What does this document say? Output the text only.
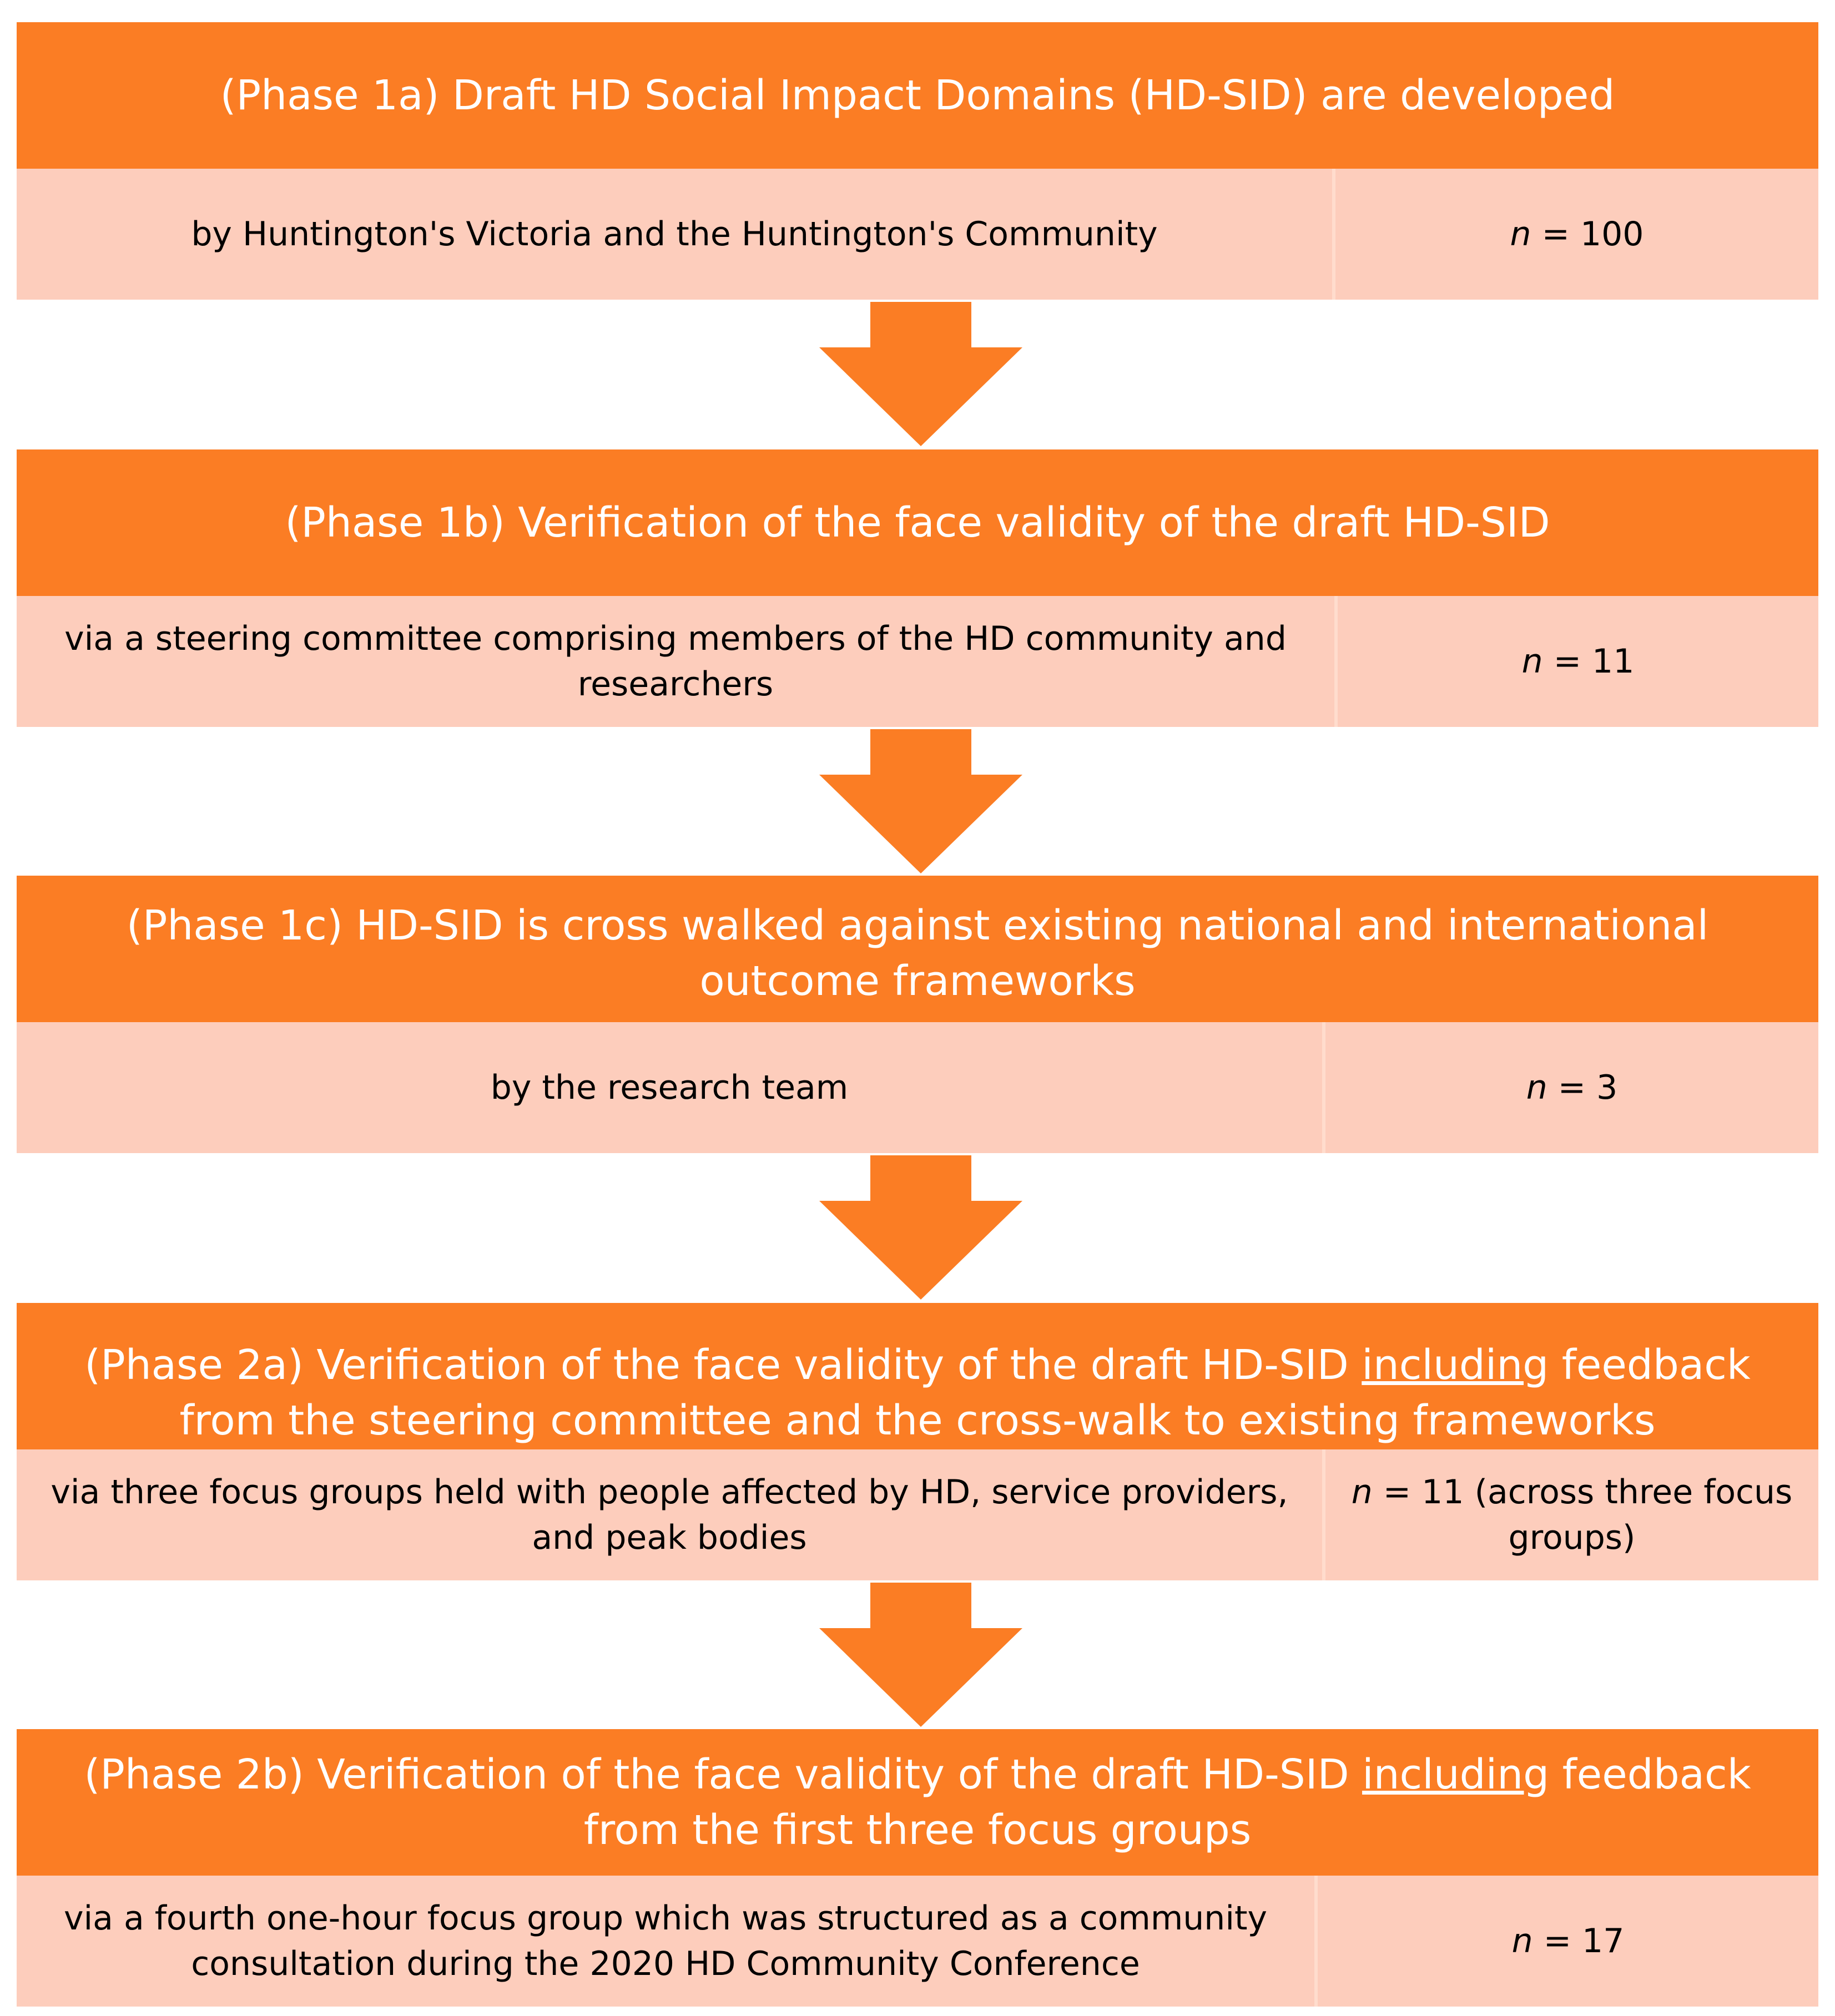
(Phase 1a) Draft HD Social Impact Domains (HD-SID) are developed
by Huntington's Victoria and the Huntington's Community	n = 100
(Phase 1b) Verification of the face validity of the draft HD-SID
via a steering committee comprising members of the HD community and researchers
n = 11
(Phase 1c) HD-SID is cross walked against existing national and international outcome frameworks
by the research team	n = 3
(Phase 2a) Verification of the face validity of the draft HD-SID including feedback from the steering committee and the cross-walk to existing frameworks
via three focus groups held with people affected by HD, service providers, and peak bodies
n = 11 (across three focus groups)
(Phase 2b) Verification of the face validity of the draft HD-SID including feedback from the first three focus groups
via a fourth one-hour focus group which was structured as a community consultation during the 2020 HD Community Conference
n = 17
